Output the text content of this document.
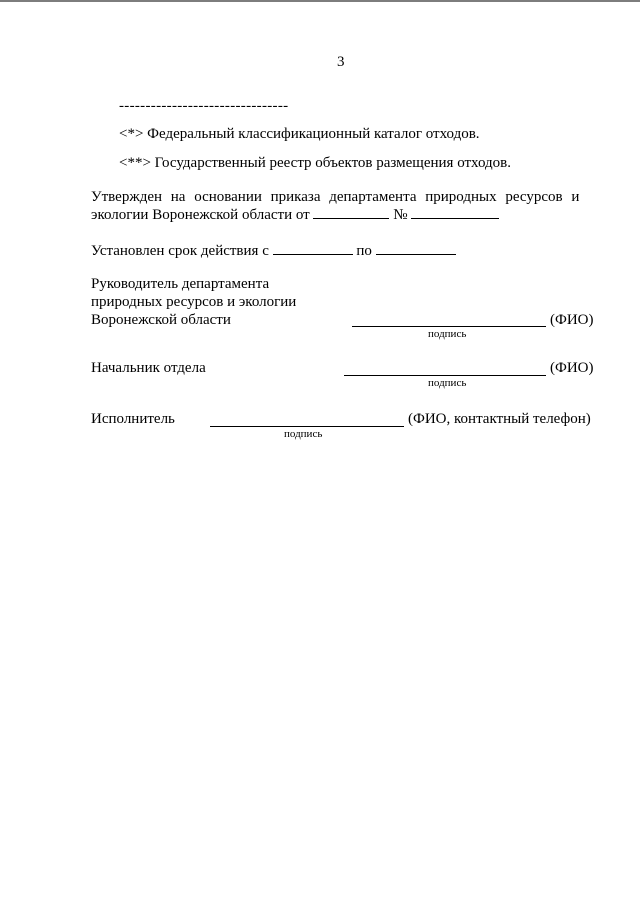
3
--------------------------------
<*> Федеральный классификационный каталог отходов.
<**> Государственный реестр объектов размещения отходов.
Утвержден на основании приказа департамента природных ресурсов и
экологии Воронежской области от	№
Установлен срок действия с	по
Руководитель департамента
природных ресурсов и экологии
Воронежской области	(ФИО)
подпись
Начальник отдела	(ФИО)
подпись
Исполнитель	(ФИО, контактный телефон)
подпись
